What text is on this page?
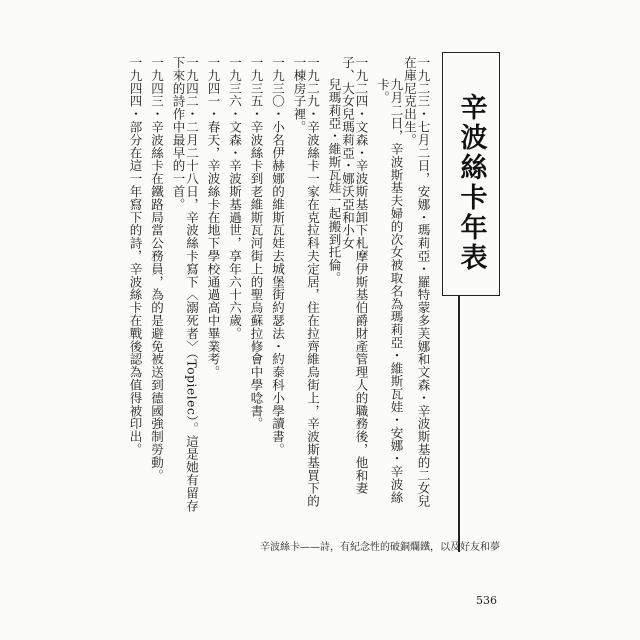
辛波絲卡年表
一九二三・七月二日，安娜・瑪莉亞・羅特蒙多芙娜和文森・辛波斯基的二女兒在庫尼克出生。
九月二日，辛波斯基夫婦的次女被取名為瑪莉亞・維斯瓦娃・安娜・辛波絲卡。
一九二四・文森・辛波斯基卸下札摩伊斯基伯爵財產管理人的職務後，他和妻子、大女兒瑪莉亞・娜沃亞和小女
兒瑪莉亞・維斯瓦娃一起搬到托倫。
一九二九・辛波絲卡一家在克拉科夫定居，住在拉齊維烏街上，辛波斯基買下的一棟房子裡。
一九三〇・小名伊赫娜的維斯瓦娃去城堡街約瑟法・約泰科小學讀書。
一九三五・辛波絲卡到老維斯瓦河街上的聖烏蘇拉修會中學唸書。
一九三六・文森・辛波斯基過世，享年六十六歲。
一九四一・春天，辛波絲卡在地下學校通過高中畢業考。
一九四二・二月二十八日，辛波絲卡寫下〈溺死者〉（Topielec）。這是她有留存下來的詩作中最早的一首。
一九四三・辛波絲卡在鐵路局當公務員，為的是避免被送到德國強制勞動。
一九四四・部分在這一年寫下的詩，辛波絲卡在戰後認為值得被印出。
辛波絲卡——詩，有紀念性的破銅爛鐵，以及好友和夢
536
